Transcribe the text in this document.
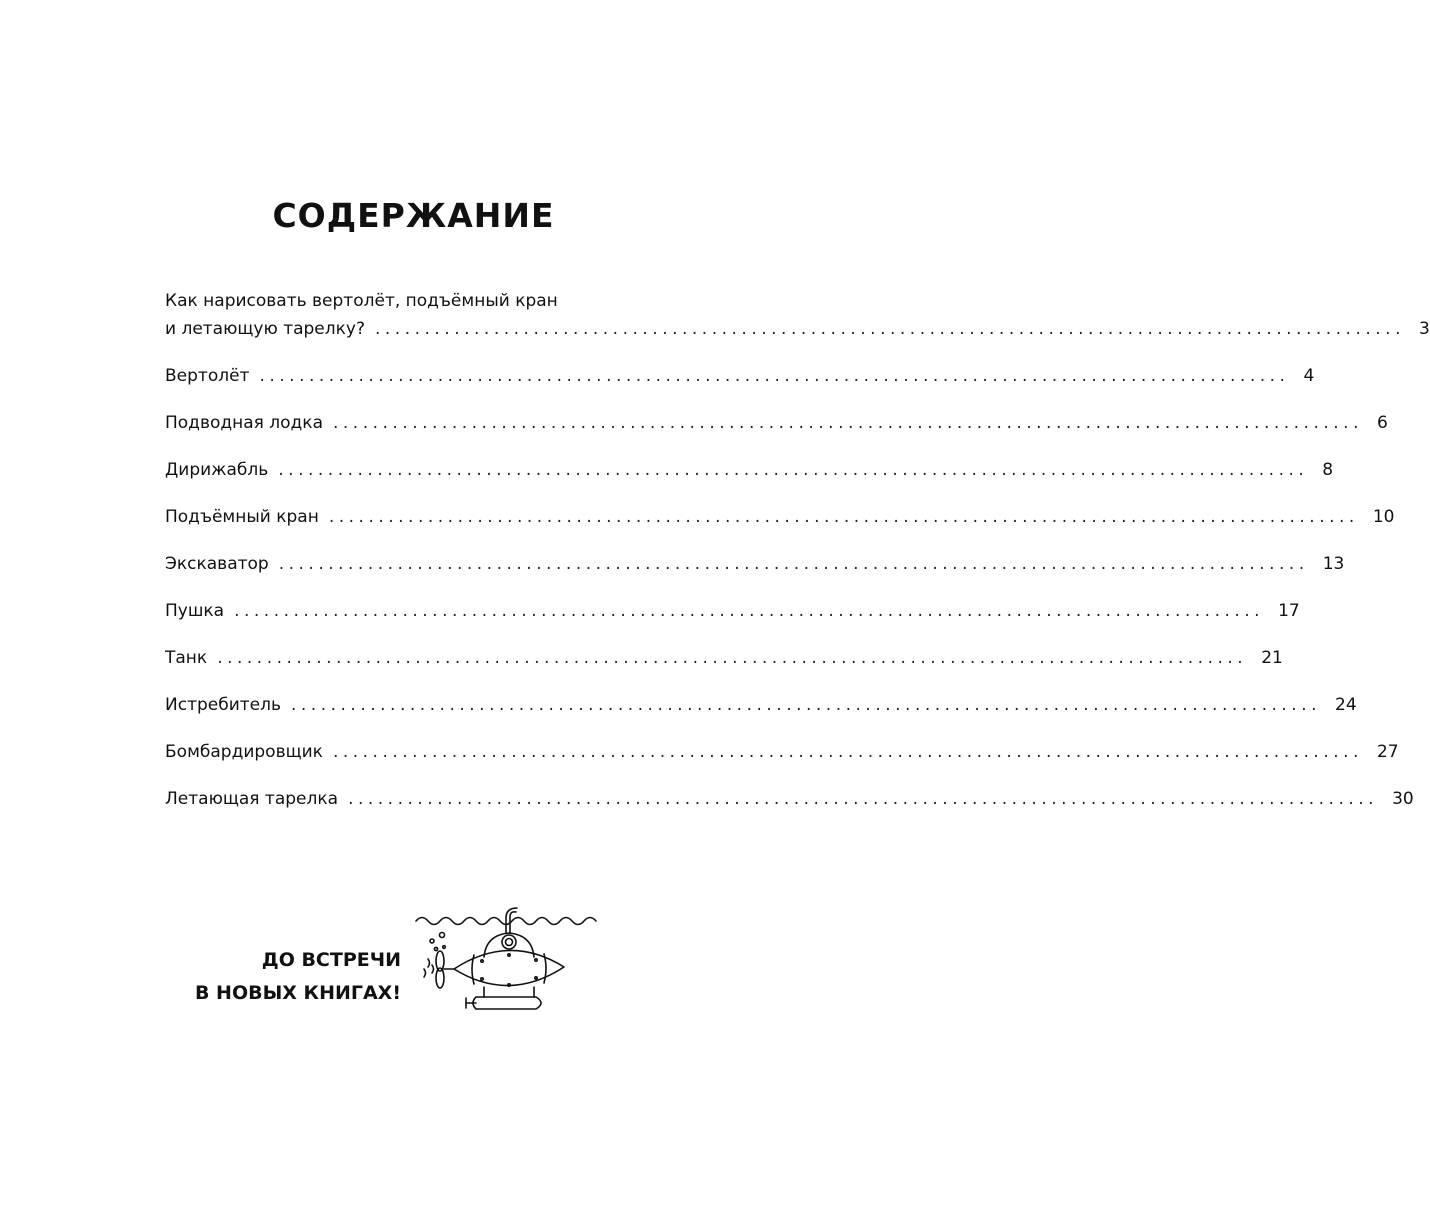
СОДЕРЖАНИЕ
Как нарисовать вертолёт, подъёмный кран
и летающую тарелку? ........................................................................................................ 3
Вертолёт ........................................................................................................ 4
Подводная лодка ........................................................................................................ 6
Дирижабль ........................................................................................................ 8
Подъёмный кран ........................................................................................................ 10
Экскаватор ........................................................................................................ 13
Пушка ........................................................................................................ 17
Танк ........................................................................................................ 21
Истребитель ........................................................................................................ 24
Бомбардировщик ........................................................................................................ 27
Летающая тарелка ........................................................................................................ 30
ДО ВСТРЕЧИ
В НОВЫХ КНИГАХ!
